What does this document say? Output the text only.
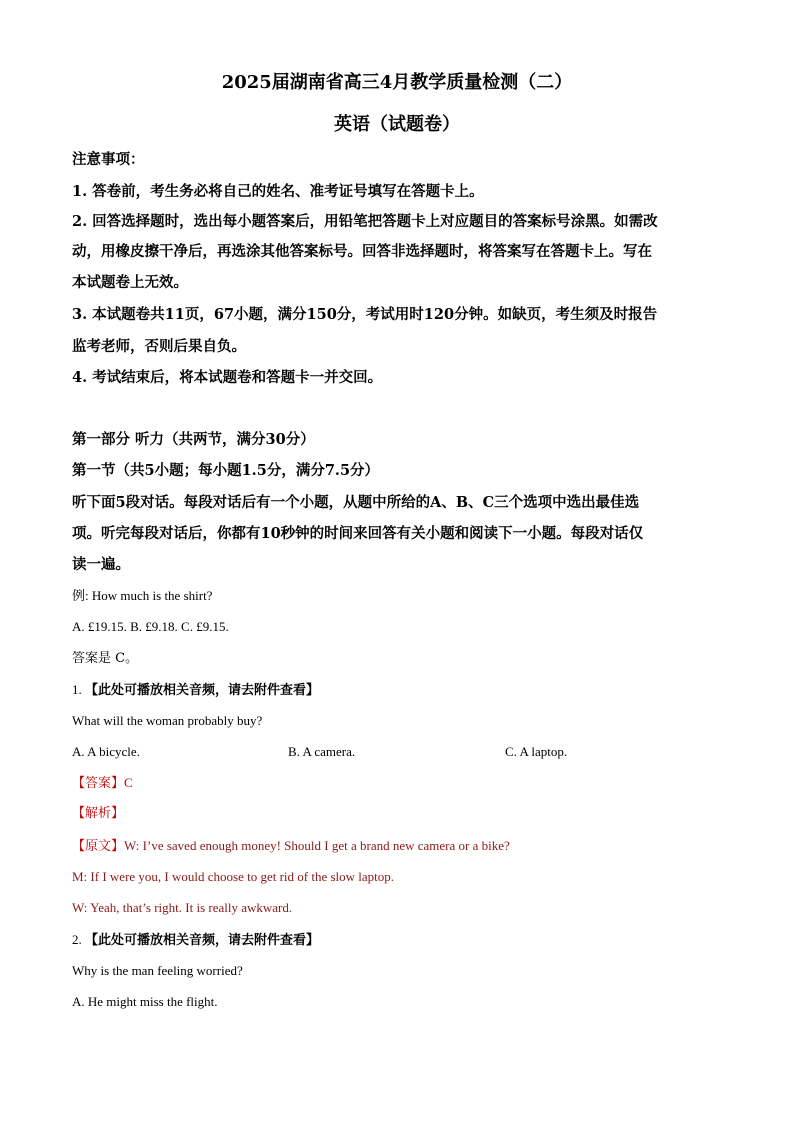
2025届湖南省高三4月教学质量检测（二）
英语（试题卷）
注意事项：
1. 答卷前，考生务必将自己的姓名、准考证号填写在答题卡上。
2. 回答选择题时，选出每小题答案后，用铅笔把答题卡上对应题目的答案标号涂黑。如需改
动，用橡皮擦干净后，再选涂其他答案标号。回答非选择题时，将答案写在答题卡上。写在
本试题卷上无效。
3. 本试题卷共11页，67小题，满分150分，考试用时120分钟。如缺页，考生须及时报告
监考老师，否则后果自负。
4. 考试结束后，将本试题卷和答题卡一并交回。
第一部分 听力（共两节，满分30分）
第一节（共5小题；每小题1.5分，满分7.5分）
听下面5段对话。每段对话后有一个小题，从题中所给的A、B、C三个选项中选出最佳选
项。听完每段对话后，你都有10秒钟的时间来回答有关小题和阅读下一小题。每段对话仅
读一遍。
例: How much is the shirt?
A. £19.15. B. £9.18. C. £9.15.
答案是 C。
1. 【此处可播放相关音频，请去附件查看】
What will the woman probably buy?
A. A bicycle.	B. A camera.	C. A laptop.
【答案】C
【解析】
【原文】W: I’ve saved enough money! Should I get a brand new camera or a bike?
M: If I were you, I would choose to get rid of the slow laptop.
W: Yeah, that’s right. It is really awkward.
2. 【此处可播放相关音频，请去附件查看】
Why is the man feeling worried?
A. He might miss the flight.
